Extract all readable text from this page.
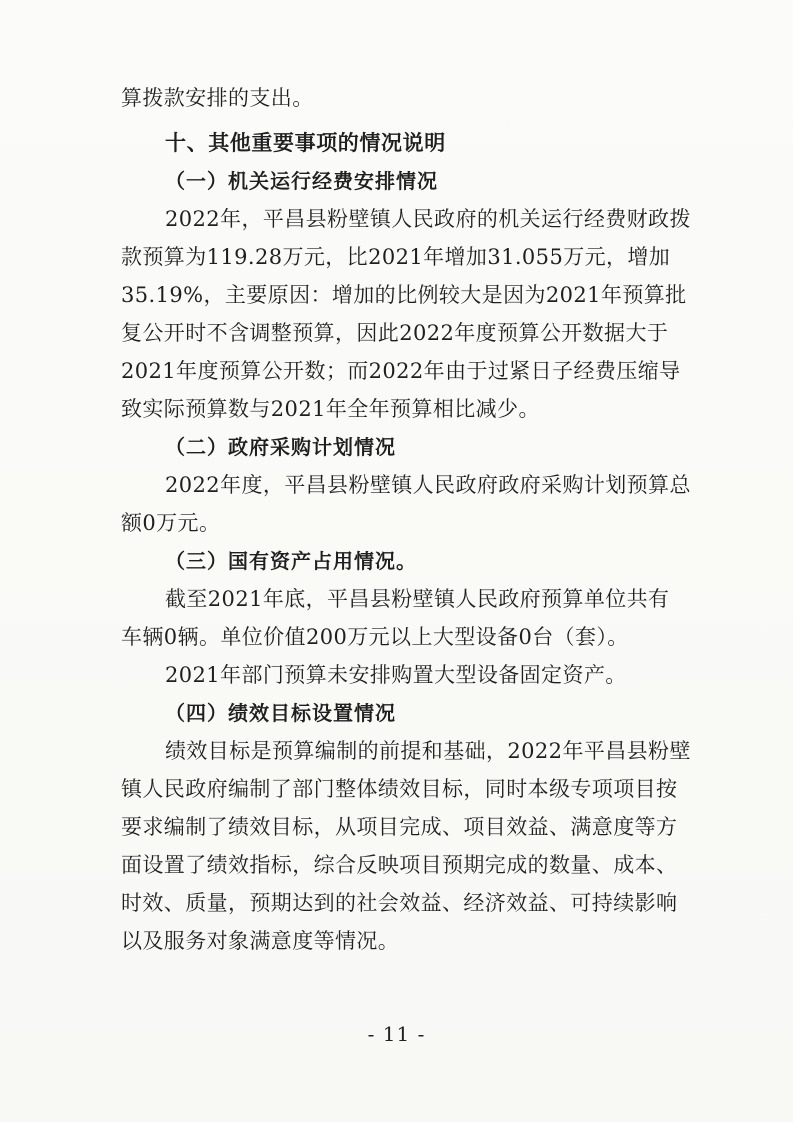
算拨款安排的支出。

十、其他重要事项的情况说明
（一）机关运行经费安排情况

2022年，平昌县粉壁镇人民政府的机关运行经费财政拨

款预算为119.28万元，比2021年增加31.055万元，增加

35.19%，主要原因：增加的比例较大是因为2021年预算批

复公开时不含调整预算，因此2022年度预算公开数据大于

2021年度预算公开数；而2022年由于过紧日子经费压缩导

致实际预算数与2021年全年预算相比减少。

（二）政府采购计划情况

2022年度，平昌县粉壁镇人民政府政府采购计划预算总

额0万元。

（三）国有资产占用情况。

截至2021年底，平昌县粉壁镇人民政府预算单位共有

车辆0辆。单位价值200万元以上大型设备0台（套）。

2021年部门预算未安排购置大型设备固定资产。

（四）绩效目标设置情况

绩效目标是预算编制的前提和基础，2022年平昌县粉壁

镇人民政府编制了部门整体绩效目标，同时本级专项项目按

要求编制了绩效目标，从项目完成、项目效益、满意度等方

面设置了绩效指标，综合反映项目预期完成的数量、成本、

时效、质量，预期达到的社会效益、经济效益、可持续影响

以及服务对象满意度等情况。

- 11 -
